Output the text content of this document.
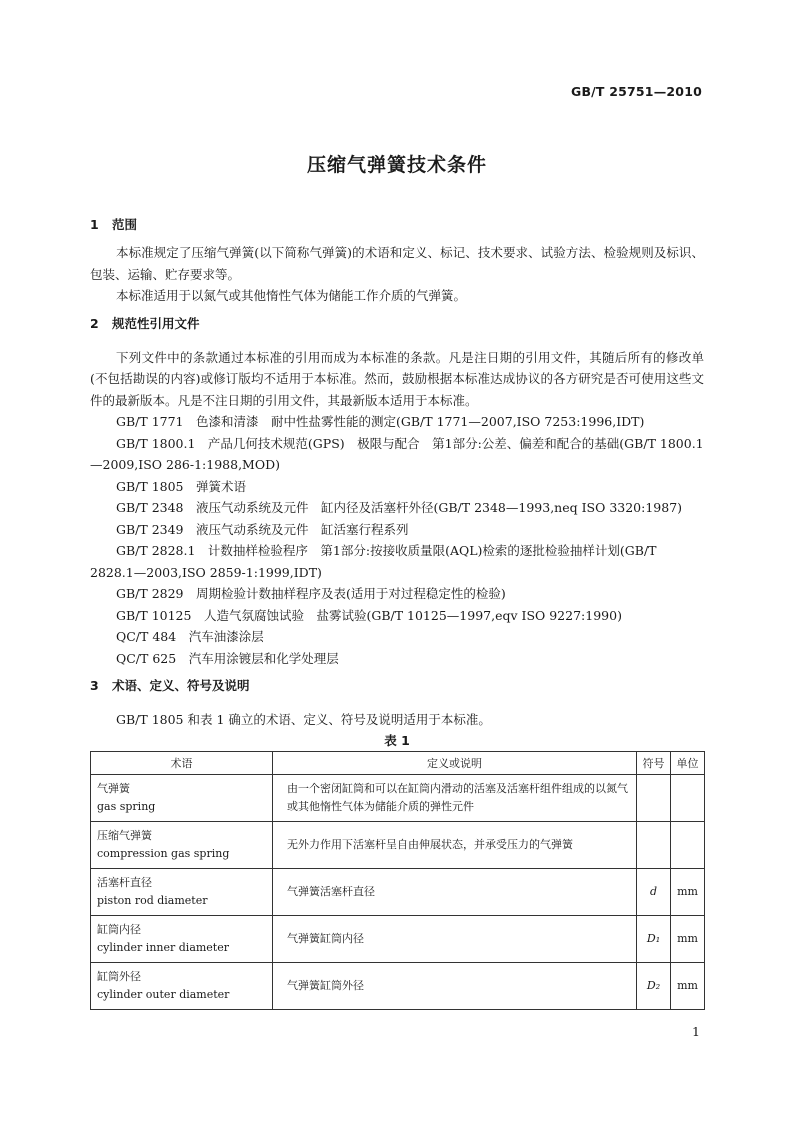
GB/T 25751—2010
压缩气弹簧技术条件
1 范围

本标准规定了压缩气弹簧(以下简称气弹簧)的术语和定义、标记、技术要求、试验方法、检验规则及标识、包装、运输、贮存要求等。

本标准适用于以氮气或其他惰性气体为储能工作介质的气弹簧。

2 规范性引用文件

下列文件中的条款通过本标准的引用而成为本标准的条款。凡是注日期的引用文件，其随后所有的修改单(不包括勘误的内容)或修订版均不适用于本标准。然而，鼓励根据本标准达成协议的各方研究是否可使用这些文件的最新版本。凡是不注日期的引用文件，其最新版本适用于本标准。

GB/T 1771　色漆和清漆　耐中性盐雾性能的测定(GB/T 1771—2007,ISO 7253:1996,IDT)

GB/T 1800.1　产品几何技术规范(GPS)　极限与配合　第1部分:公差、偏差和配合的基础(GB/T 1800.1—2009,ISO 286-1:1988,MOD)

GB/T 1805　弹簧术语

GB/T 2348　液压气动系统及元件　缸内径及活塞杆外径(GB/T 2348—1993,neq ISO 3320:1987)

GB/T 2349　液压气动系统及元件　缸活塞行程系列

GB/T 2828.1　计数抽样检验程序　第1部分:按接收质量限(AQL)检索的逐批检验抽样计划(GB/T 2828.1—2003,ISO 2859-1:1999,IDT)

GB/T 2829　周期检验计数抽样程序及表(适用于对过程稳定性的检验)

GB/T 10125　人造气氛腐蚀试验　盐雾试验(GB/T 10125—1997,eqv ISO 9227:1990)

QC/T 484　汽车油漆涂层

QC/T 625　汽车用涂镀层和化学处理层

3 术语、定义、符号及说明

GB/T 1805 和表 1 确立的术语、定义、符号及说明适用于本标准。

表 1

术语	定义或说明	符号	单位

气弹簧
gas spring	由一个密闭缸筒和可以在缸筒内滑动的活塞及活塞杆组件组成的以氮气或其他惰性气体为储能介质的弹性元件		

压缩气弹簧
compression gas spring	无外力作用下活塞杆呈自由伸展状态，并承受压力的气弹簧		

活塞杆直径
piston rod diameter	气弹簧活塞杆直径	d	mm

缸筒内径
cylinder inner diameter	气弹簧缸筒内径	D₁	mm

缸筒外径
cylinder outer diameter	气弹簧缸筒外径	D₂	mm
1
